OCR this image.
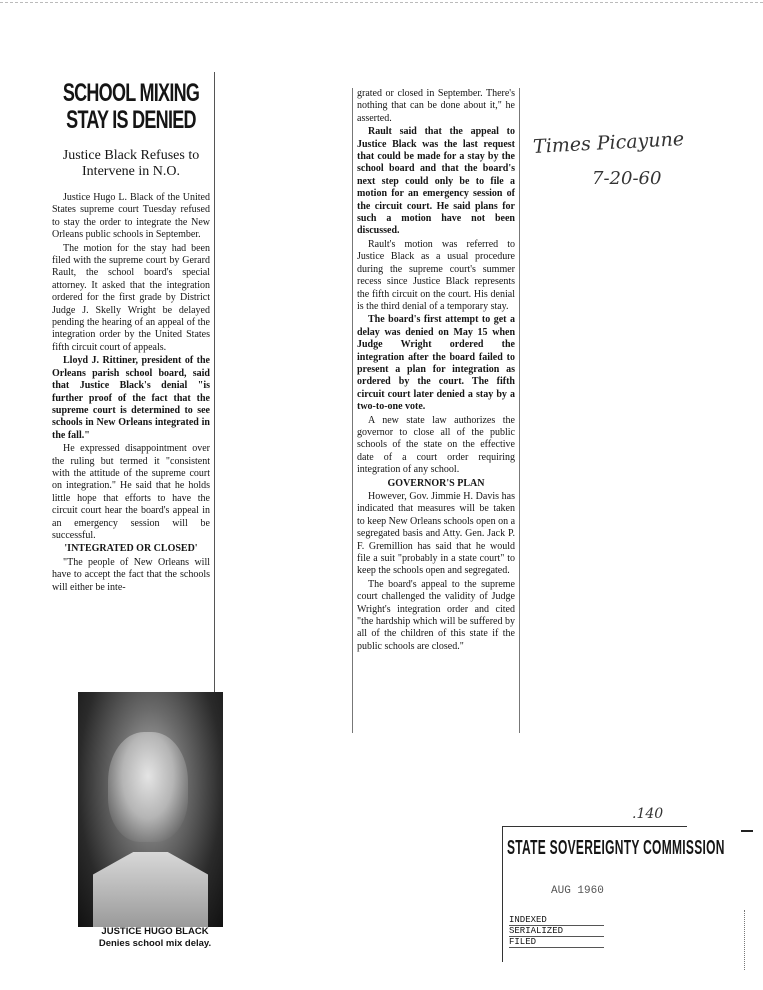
SCHOOL MIXING
STAY IS DENIED
Justice Black Refuses to
Intervene in N.O.

Justice Hugo L. Black of the United States supreme court Tuesday refused to stay the order to integrate the New Orleans public schools in September.

The motion for the stay had been filed with the supreme court by Gerard Rault, the school board's special attorney. It asked that the integration ordered for the first grade by District Judge J. Skelly Wright be delayed pending the hearing of an appeal of the integration order by the United States fifth circuit court of appeals.

Lloyd J. Rittiner, president of the Orleans parish school board, said that Justice Black's denial "is further proof of the fact that the supreme court is determined to see schools in New Orleans integrated in the fall."

He expressed disappointment over the ruling but termed it "consistent with the attitude of the supreme court on integration." He said that he holds little hope that efforts to have the circuit court hear the board's appeal in an emergency session will be successful.

'INTEGRATED OR CLOSED'

"The people of New Orleans will have to accept the fact that the schools will either be inte-

JUSTICE HUGO BLACK
Denies school mix delay.

grated or closed in September. There's nothing that can be done about it," he asserted.

Rault said that the appeal to Justice Black was the last request that could be made for a stay by the school board and that the board's next step could only be to file a motion for an emergency session of the circuit court. He said plans for such a motion have not been discussed.

Rault's motion was referred to Justice Black as a usual procedure during the supreme court's summer recess since Justice Black represents the fifth circuit on the court. His denial is the third denial of a temporary stay.

The board's first attempt to get a delay was denied on May 15 when Judge Wright ordered the integration after the board failed to present a plan for integration as ordered by the court. The fifth circuit court later denied a stay by a two-to-one vote.

A new state law authorizes the governor to close all of the public schools of the state on the effective date of a court order requiring integration of any school.

GOVERNOR'S PLAN

However, Gov. Jimmie H. Davis has indicated that measures will be taken to keep New Orleans schools open on a segregated basis and Atty. Gen. Jack P. F. Gremillion has said that he would file a suit "probably in a state court" to keep the schools open and segregated.

The board's appeal to the supreme court challenged the validity of Judge Wright's integration order and cited "the hardship which will be suffered by all of the children of this state if the public schools are closed."

Times Picayune
7-20-60
.140
STATE SOVEREIGNTY COMMISSION
AUG 1960
INDEXED
SERIALIZED
FILED
